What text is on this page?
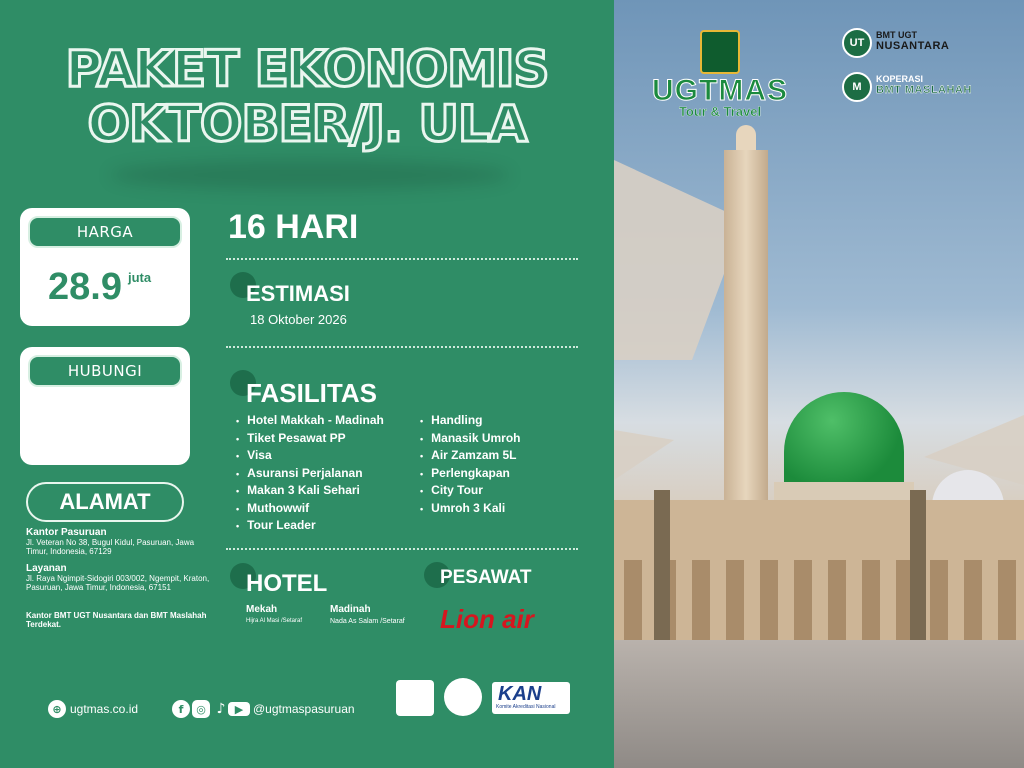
PAKET EKONOMIS
OKTOBER/J. ULA
HARGA
28.9 juta
HUBUNGI
ALAMAT
Kantor Pasuruan
Jl. Veteran No 38, Bugul Kidul, Pasuruan, Jawa Timur, Indonesia, 67129
Layanan
Jl. Raya Ngimpit-Sidogiri 003/002, Ngempit, Kraton, Pasuruan, Jawa Timur, Indonesia, 67151
Kantor BMT UGT Nusantara dan BMT Maslahah Terdekat.
16 HARI
ESTIMASI
18 Oktober 2026
FASILITAS
• Hotel Makkah - Madinah
• Tiket Pesawat PP
• Visa
• Asuransi Perjalanan
• Makan 3 Kali Sehari
• Muthowwif
• Tour Leader
• Handling
• Manasik Umroh
• Air Zamzam 5L
• Perlengkapan
• City Tour
• Umroh 3 Kali
HOTEL
Mekah
Hijra Al Masi /Setaraf
Madinah
Nada As Salam /Setaraf
PESAWAT
Lion air
⊕ ugtmas.co.id	f	◎ ♪ ▶ @ugtmaspasuruan
KAN
Komite Akreditasi Nasional
UGTMAS
Tour & Travel
UT
BMT UGT
NUSANTARA
M
KOPERASI
BMT MASLAHAH
